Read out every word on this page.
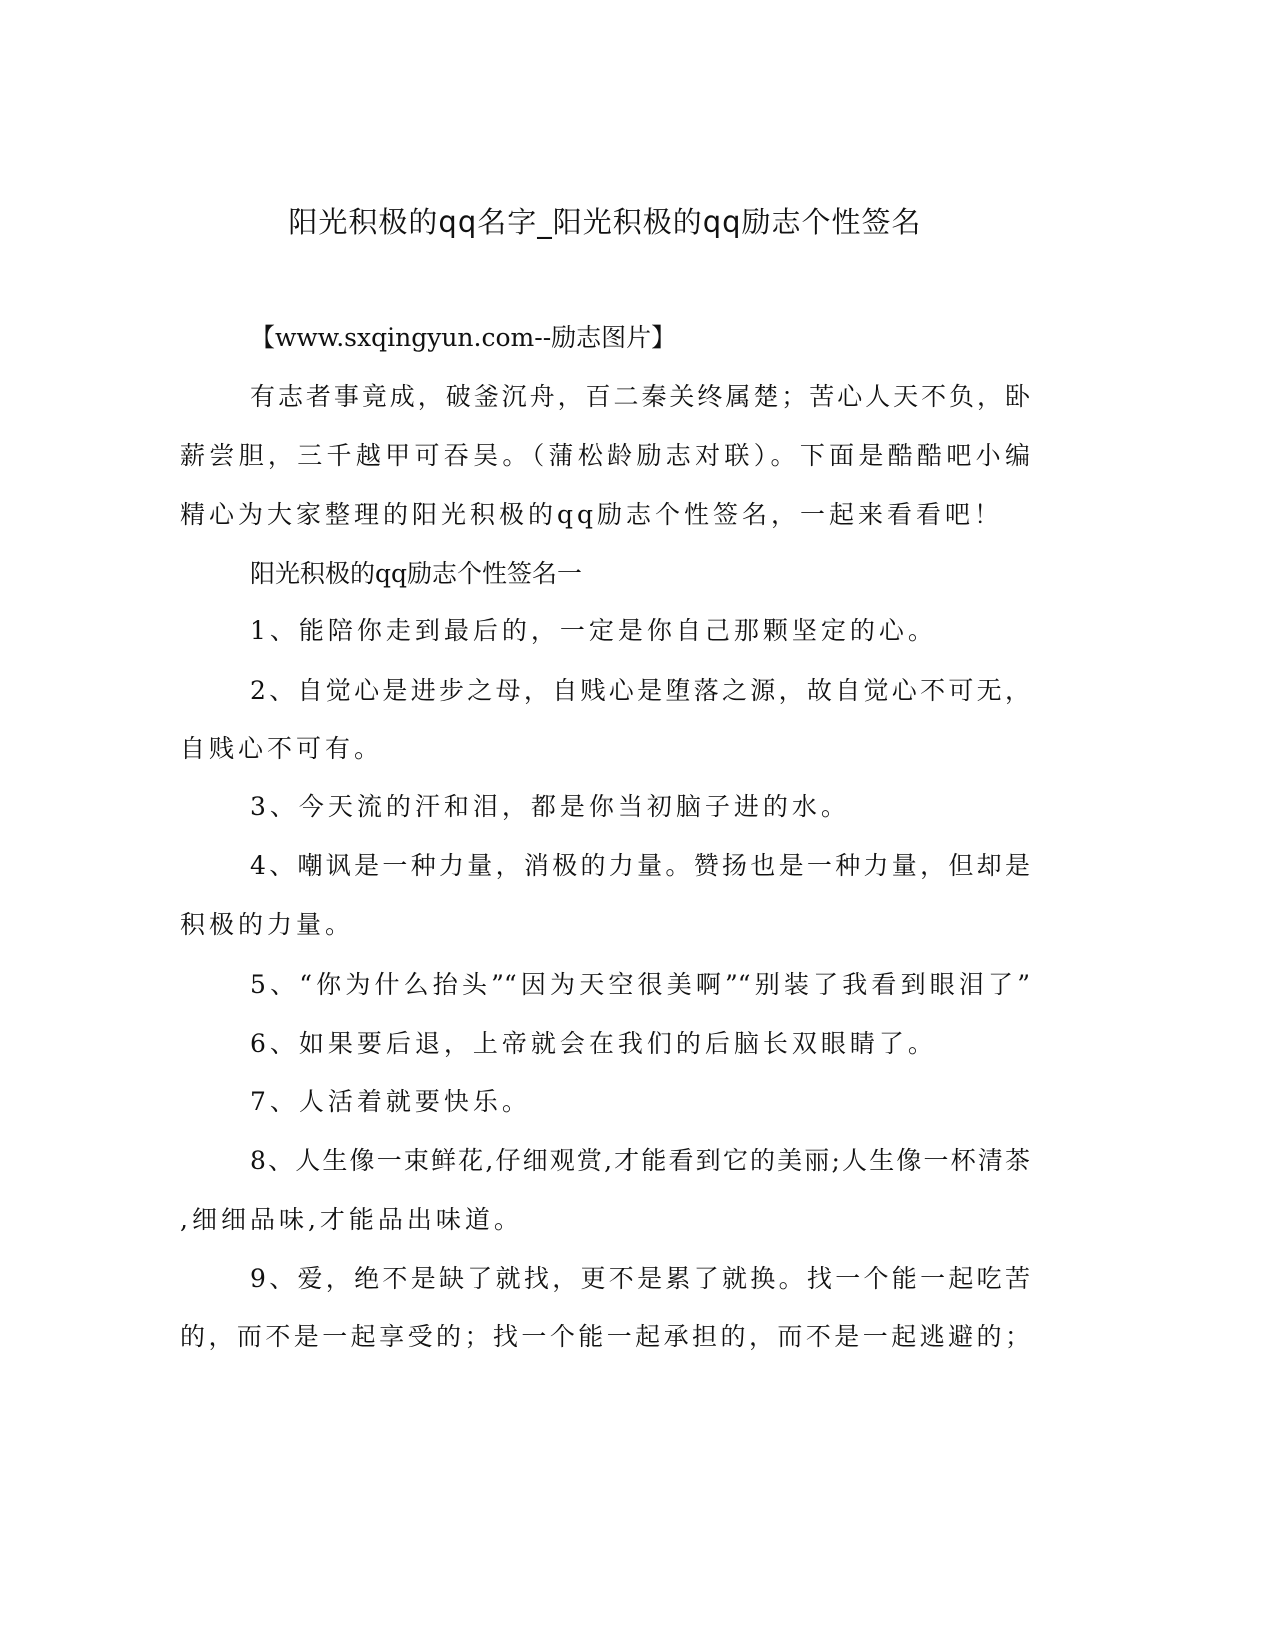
阳光积极的qq名字_阳光积极的qq励志个性签名
【www.sxqingyun.com--励志图片】
有志者事竟成，破釜沉舟，百二秦关终属楚；苦心人天不负，卧
薪尝胆，三千越甲可吞吴。（蒲松龄励志对联）。下面是酷酷吧小编
精心为大家整理的阳光积极的qq励志个性签名，一起来看看吧！
阳光积极的qq励志个性签名一
1、能陪你走到最后的，一定是你自己那颗坚定的心。
2、自觉心是进步之母，自贱心是堕落之源，故自觉心不可无，
自贱心不可有。
3、今天流的汗和泪，都是你当初脑子进的水。
4、嘲讽是一种力量，消极的力量。赞扬也是一种力量，但却是
积极的力量。
5、“你为什么抬头”“因为天空很美啊”“别装了我看到眼泪了”
6、如果要后退，上帝就会在我们的后脑长双眼睛了。
7、人活着就要快乐。
8、人生像一束鲜花,仔细观赏,才能看到它的美丽;人生像一杯清茶
,细细品味,才能品出味道。
9、爱，绝不是缺了就找，更不是累了就换。找一个能一起吃苦
的，而不是一起享受的；找一个能一起承担的，而不是一起逃避的；
